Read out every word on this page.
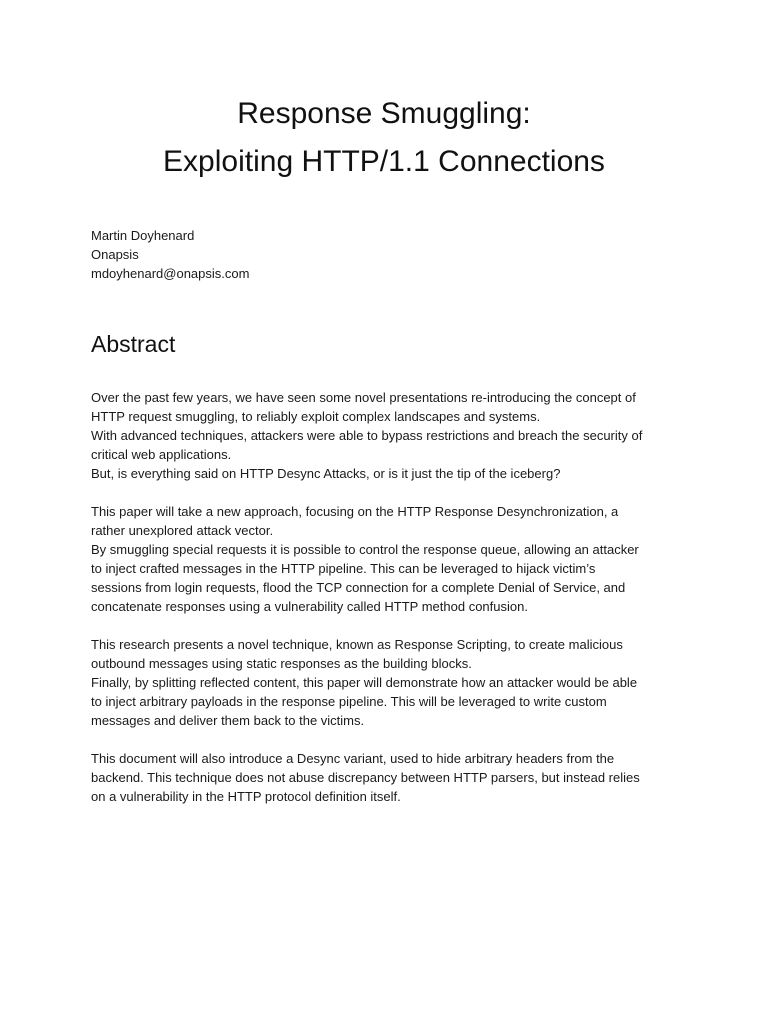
Response Smuggling:
Exploiting HTTP/1.1 Connections
Martin Doyhenard
Onapsis
mdoyhenard@onapsis.com
Abstract

Over the past few years, we have seen some novel presentations re-introducing the concept of
HTTP request smuggling, to reliably exploit complex landscapes and systems.
With advanced techniques, attackers were able to bypass restrictions and breach the security of
critical web applications.
But, is everything said on HTTP Desync Attacks, or is it just the tip of the iceberg?

This paper will take a new approach, focusing on the HTTP Response Desynchronization, a
rather unexplored attack vector.
By smuggling special requests it is possible to control the response queue, allowing an attacker
to inject crafted messages in the HTTP pipeline. This can be leveraged to hijack victim’s
sessions from login requests, flood the TCP connection for a complete Denial of Service, and
concatenate responses using a vulnerability called HTTP method confusion.

This research presents a novel technique, known as Response Scripting, to create malicious
outbound messages using static responses as the building blocks.
Finally, by splitting reflected content, this paper will demonstrate how an attacker would be able
to inject arbitrary payloads in the response pipeline. This will be leveraged to write custom
messages and deliver them back to the victims.

This document will also introduce a Desync variant, used to hide arbitrary headers from the
backend. This technique does not abuse discrepancy between HTTP parsers, but instead relies
on a vulnerability in the HTTP protocol definition itself.
